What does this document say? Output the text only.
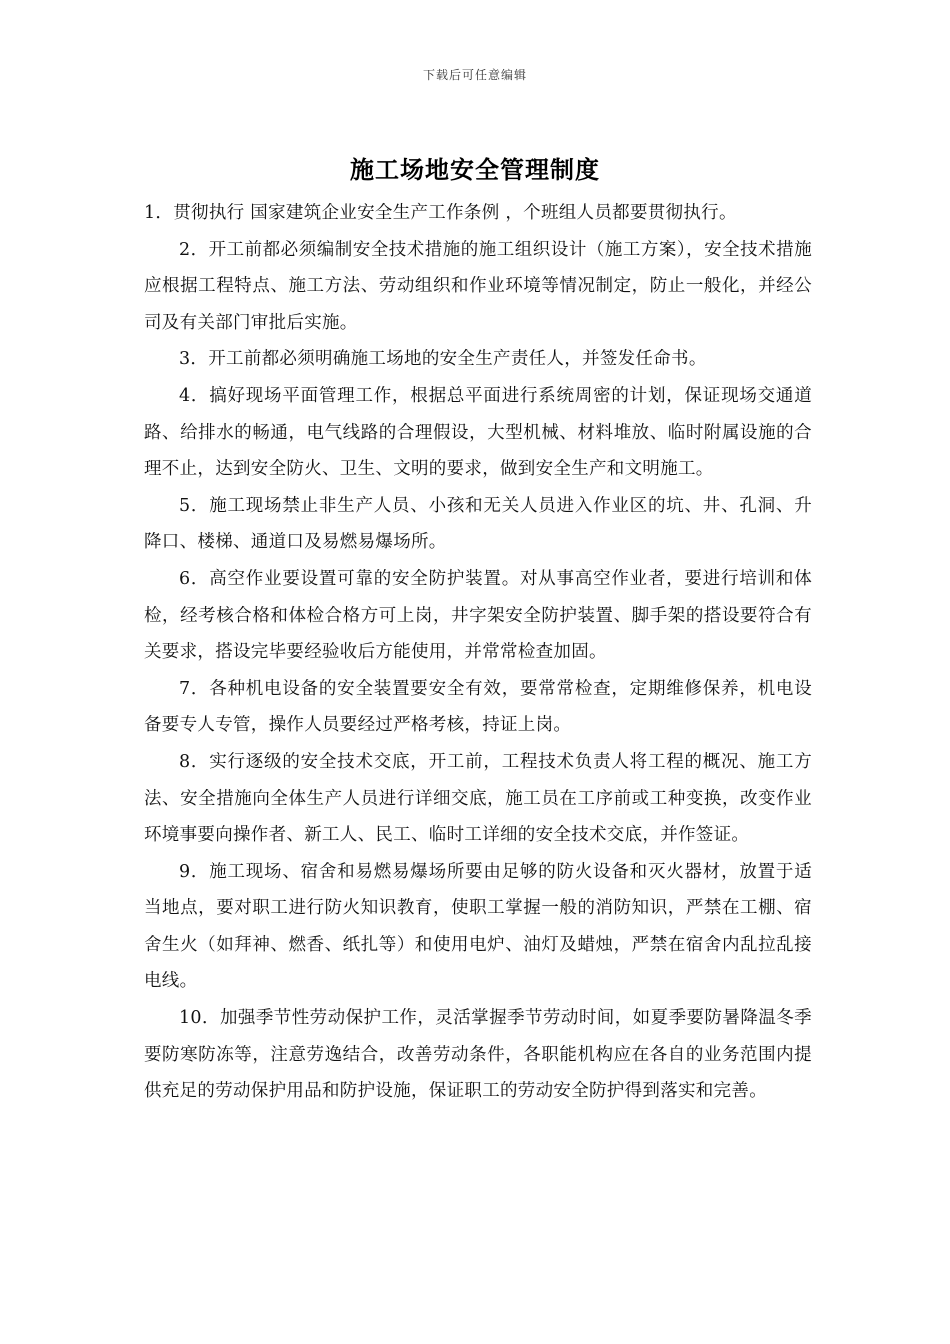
下载后可任意编辑
施工场地安全管理制度

1．贯彻执行 国家建筑企业安全生产工作条例 ，个班组人员都要贯彻执行。

2．开工前都必须编制安全技术措施的施工组织设计（施工方案），安全技术措施应根据工程特点、施工方法、劳动组织和作业环境等情况制定，防止一般化，并经公司及有关部门审批后实施。

3．开工前都必须明确施工场地的安全生产责任人，并签发任命书。

4．搞好现场平面管理工作，根据总平面进行系统周密的计划，保证现场交通道路、给排水的畅通，电气线路的合理假设，大型机械、材料堆放、临时附属设施的合理不止，达到安全防火、卫生、文明的要求，做到安全生产和文明施工。

5．施工现场禁止非生产人员、小孩和无关人员进入作业区的坑、井、孔洞、升降口、楼梯、通道口及易燃易爆场所。

6．高空作业要设置可靠的安全防护装置。对从事高空作业者，要进行培训和体检，经考核合格和体检合格方可上岗，井字架安全防护装置、脚手架的搭设要符合有关要求，搭设完毕要经验收后方能使用，并常常检查加固。

7．各种机电设备的安全装置要安全有效，要常常检查，定期维修保养，机电设备要专人专管，操作人员要经过严格考核，持证上岗。

8．实行逐级的安全技术交底，开工前，工程技术负责人将工程的概况、施工方法、安全措施向全体生产人员进行详细交底，施工员在工序前或工种变换，改变作业环境事要向操作者、新工人、民工、临时工详细的安全技术交底，并作签证。

9．施工现场、宿舍和易燃易爆场所要由足够的防火设备和灭火器材，放置于适当地点，要对职工进行防火知识教育，使职工掌握一般的消防知识，严禁在工棚、宿舍生火（如拜神、燃香、纸扎等）和使用电炉、油灯及蜡烛，严禁在宿舍内乱拉乱接电线。

10．加强季节性劳动保护工作，灵活掌握季节劳动时间，如夏季要防暑降温冬季要防寒防冻等，注意劳逸结合，改善劳动条件，各职能机构应在各自的业务范围内提供充足的劳动保护用品和防护设施，保证职工的劳动安全防护得到落实和完善。
